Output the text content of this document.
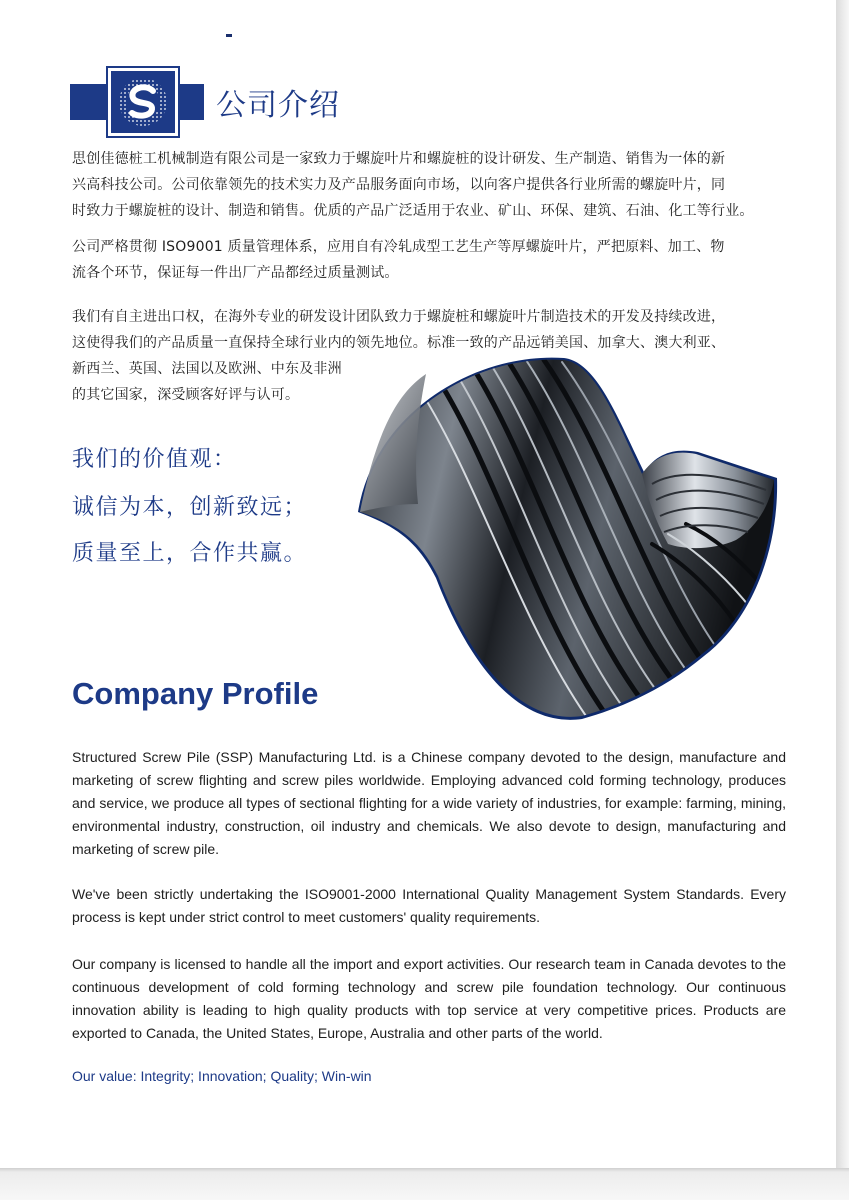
公司介绍

思创佳德桩工机械制造有限公司是一家致力于螺旋叶片和螺旋桩的设计研发、生产制造、销售为一体的新
兴高科技公司。公司依靠领先的技术实力及产品服务面向市场，以向客户提供各行业所需的螺旋叶片，同
时致力于螺旋桩的设计、制造和销售。优质的产品广泛适用于农业、矿山、环保、建筑、石油、化工等行业。

公司严格贯彻 ISO9001 质量管理体系，应用自有冷轧成型工艺生产等厚螺旋叶片，严把原料、加工、物
流各个环节，保证每一件出厂产品都经过质量测试。

我们有自主进出口权，在海外专业的研发设计团队致力于螺旋桩和螺旋叶片制造技术的开发及持续改进，
这使得我们的产品质量一直保持全球行业内的领先地位。标准一致的产品远销美国、加拿大、澳大利亚、
新西兰、英国、法国以及欧洲、中东及非洲
的其它国家，深受顾客好评与认可。

我们的价值观：

诚信为本，创新致远；

质量至上，合作共赢。

Company Profile

Structured Screw Pile (SSP) Manufacturing Ltd. is a Chinese company devoted to the design, manufacture and marketing of screw flighting and screw piles worldwide. Employing advanced cold forming technology, produces and service, we produce all types of sectional flighting for a wide variety of industries, for example: farming, mining, environmental industry, construction, oil industry and chemicals. We also devote to design, manufacturing and marketing of screw pile.

We've been strictly undertaking the ISO9001-2000 International Quality Management System Standards. Every process is kept under strict control to meet customers' quality requirements.

Our company is licensed to handle all the import and export activities. Our research team in Canada devotes to the continuous development of cold forming technology and screw pile foundation technology. Our continuous innovation ability is leading to high quality products with top service at very competitive prices. Products are exported to Canada, the United States, Europe, Australia and other parts of the world.

Our value: Integrity; Innovation; Quality; Win-win
